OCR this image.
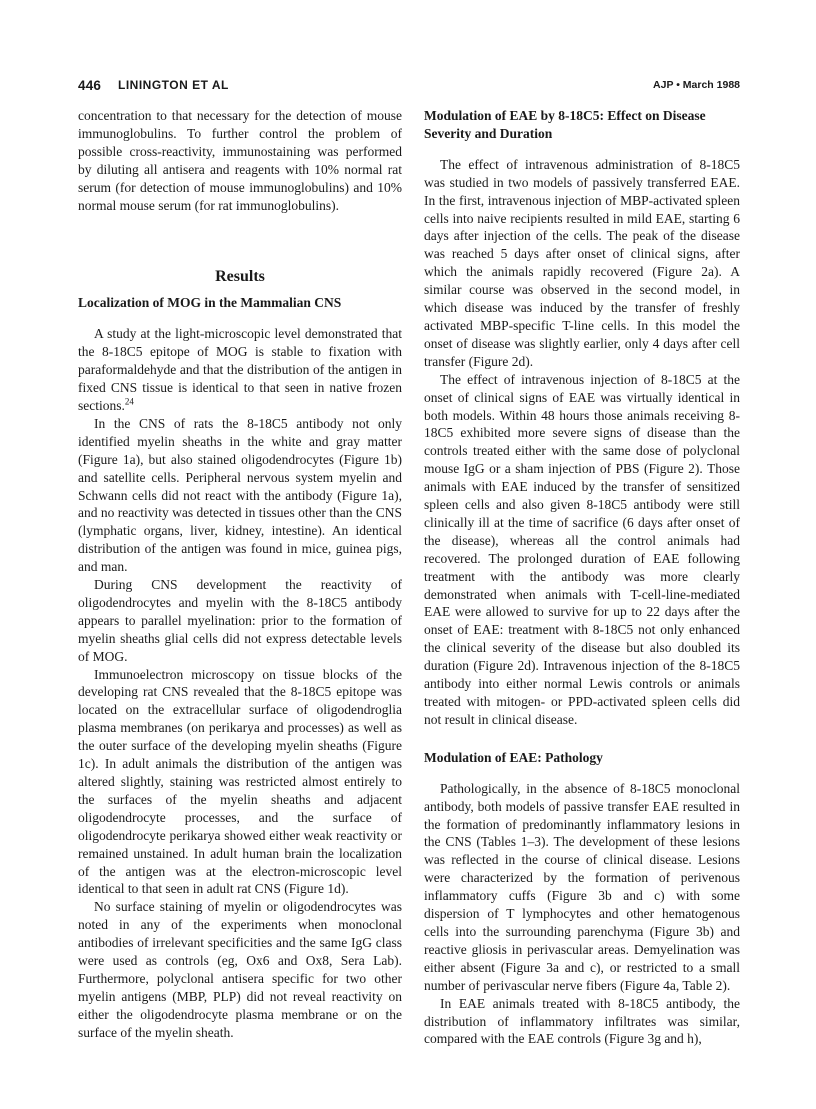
446 LININGTON ET AL	AJP • March 1988

concentration to that necessary for the detection of mouse immunoglobulins. To further control the problem of possible cross-reactivity, immunostaining was performed by diluting all antisera and reagents with 10% normal rat serum (for detection of mouse immunoglobulins) and 10% normal mouse serum (for rat immunoglobulins).

Results
Localization of MOG in the Mammalian CNS

A study at the light-microscopic level demonstrated that the 8-18C5 epitope of MOG is stable to fixation with paraformaldehyde and that the distribution of the antigen in fixed CNS tissue is identical to that seen in native frozen sections.$^{24}$

In the CNS of rats the 8-18C5 antibody not only identified myelin sheaths in the white and gray matter (Figure 1a), but also stained oligodendrocytes (Figure 1b) and satellite cells. Peripheral nervous system myelin and Schwann cells did not react with the antibody (Figure 1a), and no reactivity was detected in tissues other than the CNS (lymphatic organs, liver, kidney, intestine). An identical distribution of the antigen was found in mice, guinea pigs, and man.

During CNS development the reactivity of oligodendrocytes and myelin with the 8-18C5 antibody appears to parallel myelination: prior to the formation of myelin sheaths glial cells did not express detectable levels of MOG.

Immunoelectron microscopy on tissue blocks of the developing rat CNS revealed that the 8-18C5 epitope was located on the extracellular surface of oligodendroglia plasma membranes (on perikarya and processes) as well as the outer surface of the developing myelin sheaths (Figure 1c). In adult animals the distribution of the antigen was altered slightly, staining was restricted almost entirely to the surfaces of the myelin sheaths and adjacent oligodendrocyte processes, and the surface of oligodendrocyte perikarya showed either weak reactivity or remained unstained. In adult human brain the localization of the antigen was at the electron-microscopic level identical to that seen in adult rat CNS (Figure 1d).

No surface staining of myelin or oligodendrocytes was noted in any of the experiments when monoclonal antibodies of irrelevant specificities and the same IgG class were used as controls (eg, Ox6 and Ox8, Sera Lab). Furthermore, polyclonal antisera specific for two other myelin antigens (MBP, PLP) did not reveal reactivity on either the oligodendrocyte plasma membrane or on the surface of the myelin sheath.

Modulation of EAE by 8-18C5: Effect on Disease Severity and Duration

The effect of intravenous administration of 8-18C5 was studied in two models of passively transferred EAE. In the first, intravenous injection of MBP-activated spleen cells into naive recipients resulted in mild EAE, starting 6 days after injection of the cells. The peak of the disease was reached 5 days after onset of clinical signs, after which the animals rapidly recovered (Figure 2a). A similar course was observed in the second model, in which disease was induced by the transfer of freshly activated MBP-specific T-line cells. In this model the onset of disease was slightly earlier, only 4 days after cell transfer (Figure 2d).

The effect of intravenous injection of 8-18C5 at the onset of clinical signs of EAE was virtually identical in both models. Within 48 hours those animals receiving 8-18C5 exhibited more severe signs of disease than the controls treated either with the same dose of polyclonal mouse IgG or a sham injection of PBS (Figure 2). Those animals with EAE induced by the transfer of sensitized spleen cells and also given 8-18C5 antibody were still clinically ill at the time of sacrifice (6 days after onset of the disease), whereas all the control animals had recovered. The prolonged duration of EAE following treatment with the antibody was more clearly demonstrated when animals with T-cell-line-mediated EAE were allowed to survive for up to 22 days after the onset of EAE: treatment with 8-18C5 not only enhanced the clinical severity of the disease but also doubled its duration (Figure 2d). Intravenous injection of the 8-18C5 antibody into either normal Lewis controls or animals treated with mitogen- or PPD-activated spleen cells did not result in clinical disease.

Modulation of EAE: Pathology

Pathologically, in the absence of 8-18C5 monoclonal antibody, both models of passive transfer EAE resulted in the formation of predominantly inflammatory lesions in the CNS (Tables 1–3). The development of these lesions was reflected in the course of clinical disease. Lesions were characterized by the formation of perivenous inflammatory cuffs (Figure 3b and c) with some dispersion of T lymphocytes and other hematogenous cells into the surrounding parenchyma (Figure 3b) and reactive gliosis in perivascular areas. Demyelination was either absent (Figure 3a and c), or restricted to a small number of perivascular nerve fibers (Figure 4a, Table 2).

In EAE animals treated with 8-18C5 antibody, the distribution of inflammatory infiltrates was similar, compared with the EAE controls (Figure 3g and h),
